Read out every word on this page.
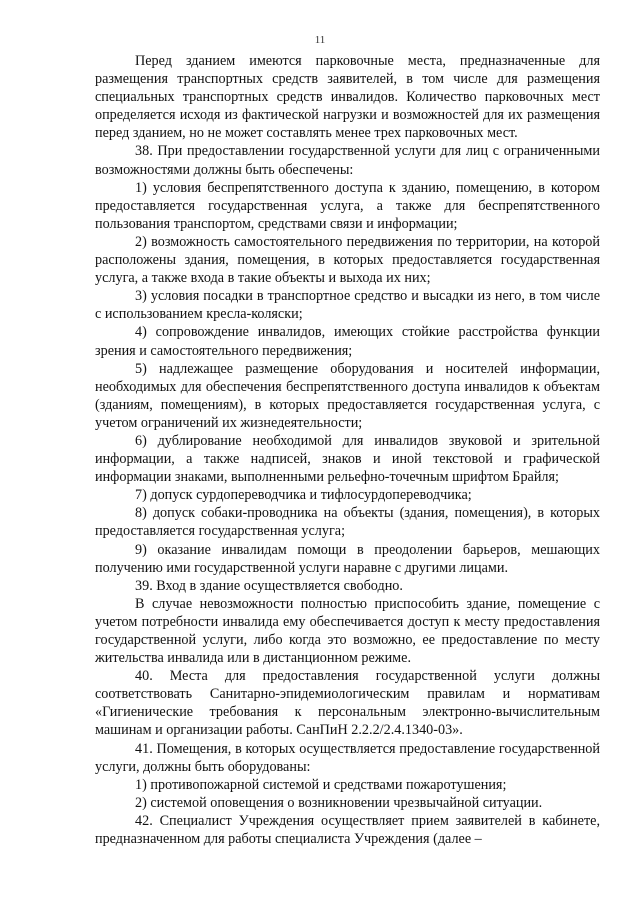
11

Перед зданием имеются парковочные места, предназначенные для размещения транспортных средств заявителей, в том числе для размещения специальных транспортных средств инвалидов. Количество парковочных мест определяется исходя из фактической нагрузки и возможностей для их размещения перед зданием, но не может составлять менее трех парковочных мест.

38. При предоставлении государственной услуги для лиц с ограниченными возможностями должны быть обеспечены:

1) условия беспрепятственного доступа к зданию, помещению, в котором предоставляется государственная услуга, а также для беспрепятственного пользования транспортом, средствами связи и информации;

2) возможность самостоятельного передвижения по территории, на которой расположены здания, помещения, в которых предоставляется государственная услуга, а также входа в такие объекты и выхода их них;

3) условия посадки в транспортное средство и высадки из него, в том числе с использованием кресла-коляски;

4) сопровождение инвалидов, имеющих стойкие расстройства функции зрения и самостоятельного передвижения;

5) надлежащее размещение оборудования и носителей информации, необходимых для обеспечения беспрепятственного доступа инвалидов к объектам (зданиям, помещениям), в которых предоставляется государственная услуга, с учетом ограничений их жизнедеятельности;

6) дублирование необходимой для инвалидов звуковой и зрительной информации, а также надписей, знаков и иной текстовой и графической информации знаками, выполненными рельефно-точечным шрифтом Брайля;

7) допуск сурдопереводчика и тифлосурдопереводчика;

8) допуск собаки-проводника на объекты (здания, помещения), в которых предоставляется государственная услуга;

9) оказание инвалидам помощи в преодолении барьеров, мешающих получению ими государственной услуги наравне с другими лицами.

39. Вход в здание осуществляется свободно.

В случае невозможности полностью приспособить здание, помещение с учетом потребности инвалида ему обеспечивается доступ к месту предоставления государственной услуги, либо когда это возможно, ее предоставление по месту жительства инвалида или в дистанционном режиме.

40. Места для предоставления государственной услуги должны соответствовать Санитарно-эпидемиологическим правилам и нормативам «Гигиенические требования к персональным электронно-вычислительным машинам и организации работы. СанПиН 2.2.2/2.4.1340-03».

41. Помещения, в которых осуществляется предоставление государственной услуги, должны быть оборудованы:

1) противопожарной системой и средствами пожаротушения;

2) системой оповещения о возникновении чрезвычайной ситуации.

42. Специалист Учреждения осуществляет прием заявителей в кабинете, предназначенном для работы специалиста Учреждения (далее –
